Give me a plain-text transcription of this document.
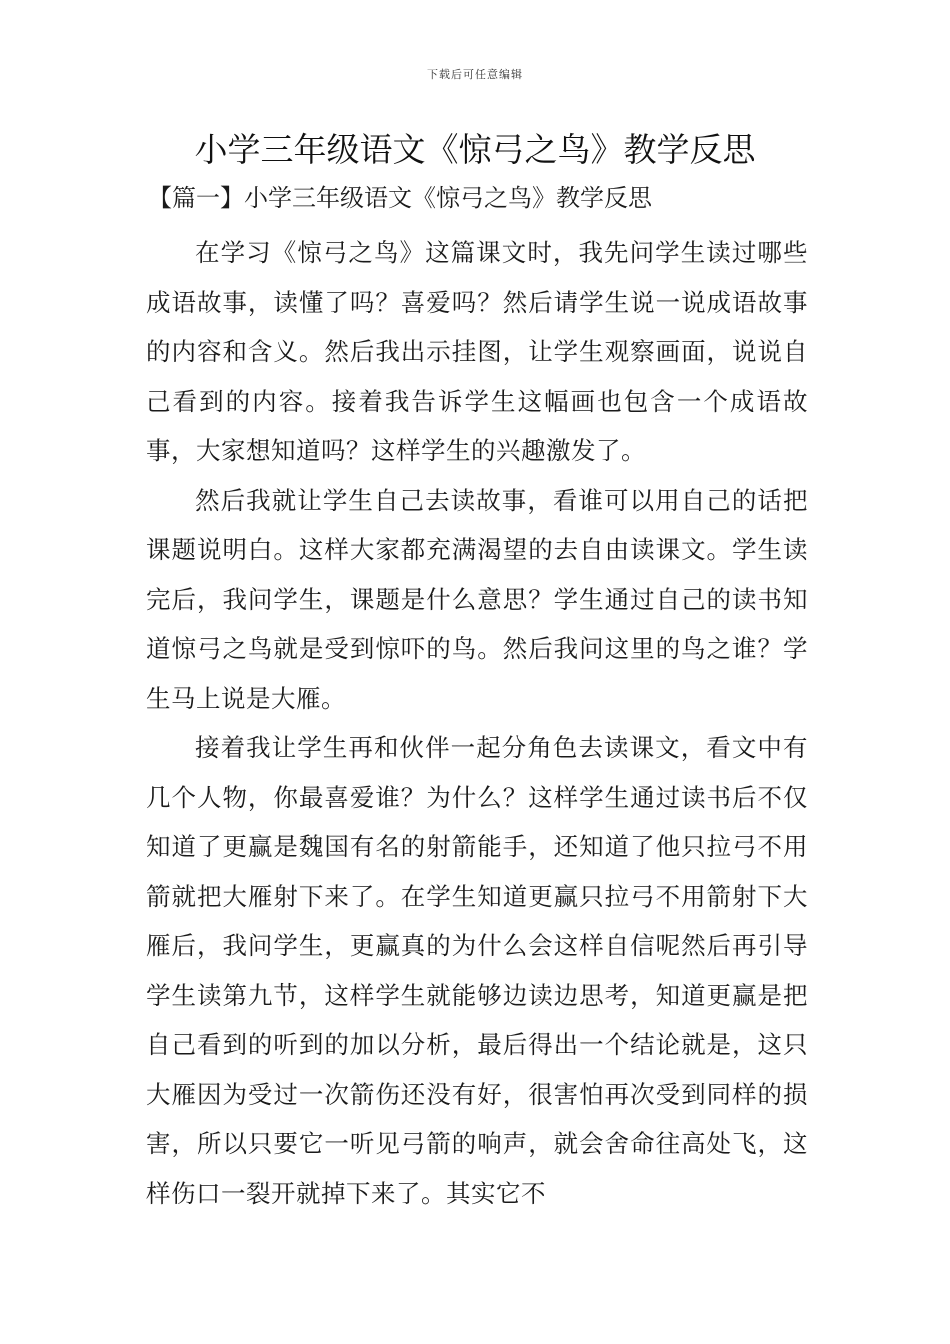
下载后可任意编辑
小学三年级语文《惊弓之鸟》教学反思
【篇一】小学三年级语文《惊弓之鸟》教学反思

在学习《惊弓之鸟》这篇课文时，我先问学生读过哪些成语故事，读懂了吗？喜爱吗？然后请学生说一说成语故事的内容和含义。然后我出示挂图，让学生观察画面，说说自己看到的内容。接着我告诉学生这幅画也包含一个成语故事，大家想知道吗？这样学生的兴趣激发了。

然后我就让学生自己去读故事，看谁可以用自己的话把课题说明白。这样大家都充满渴望的去自由读课文。学生读完后，我问学生，课题是什么意思？学生通过自己的读书知道惊弓之鸟就是受到惊吓的鸟。然后我问这里的鸟之谁？学生马上说是大雁。

接着我让学生再和伙伴一起分角色去读课文，看文中有几个人物，你最喜爱谁？为什么？这样学生通过读书后不仅知道了更赢是魏国有名的射箭能手，还知道了他只拉弓不用箭就把大雁射下来了。在学生知道更赢只拉弓不用箭射下大雁后，我问学生，更赢真的为什么会这样自信呢然后再引导学生读第九节，这样学生就能够边读边思考，知道更赢是把自己看到的听到的加以分析，最后得出一个结论就是，这只大雁因为受过一次箭伤还没有好，很害怕再次受到同样的损害，所以只要它一听见弓箭的响声，就会舍命往高处飞，这样伤口一裂开就掉下来了。其实它不
